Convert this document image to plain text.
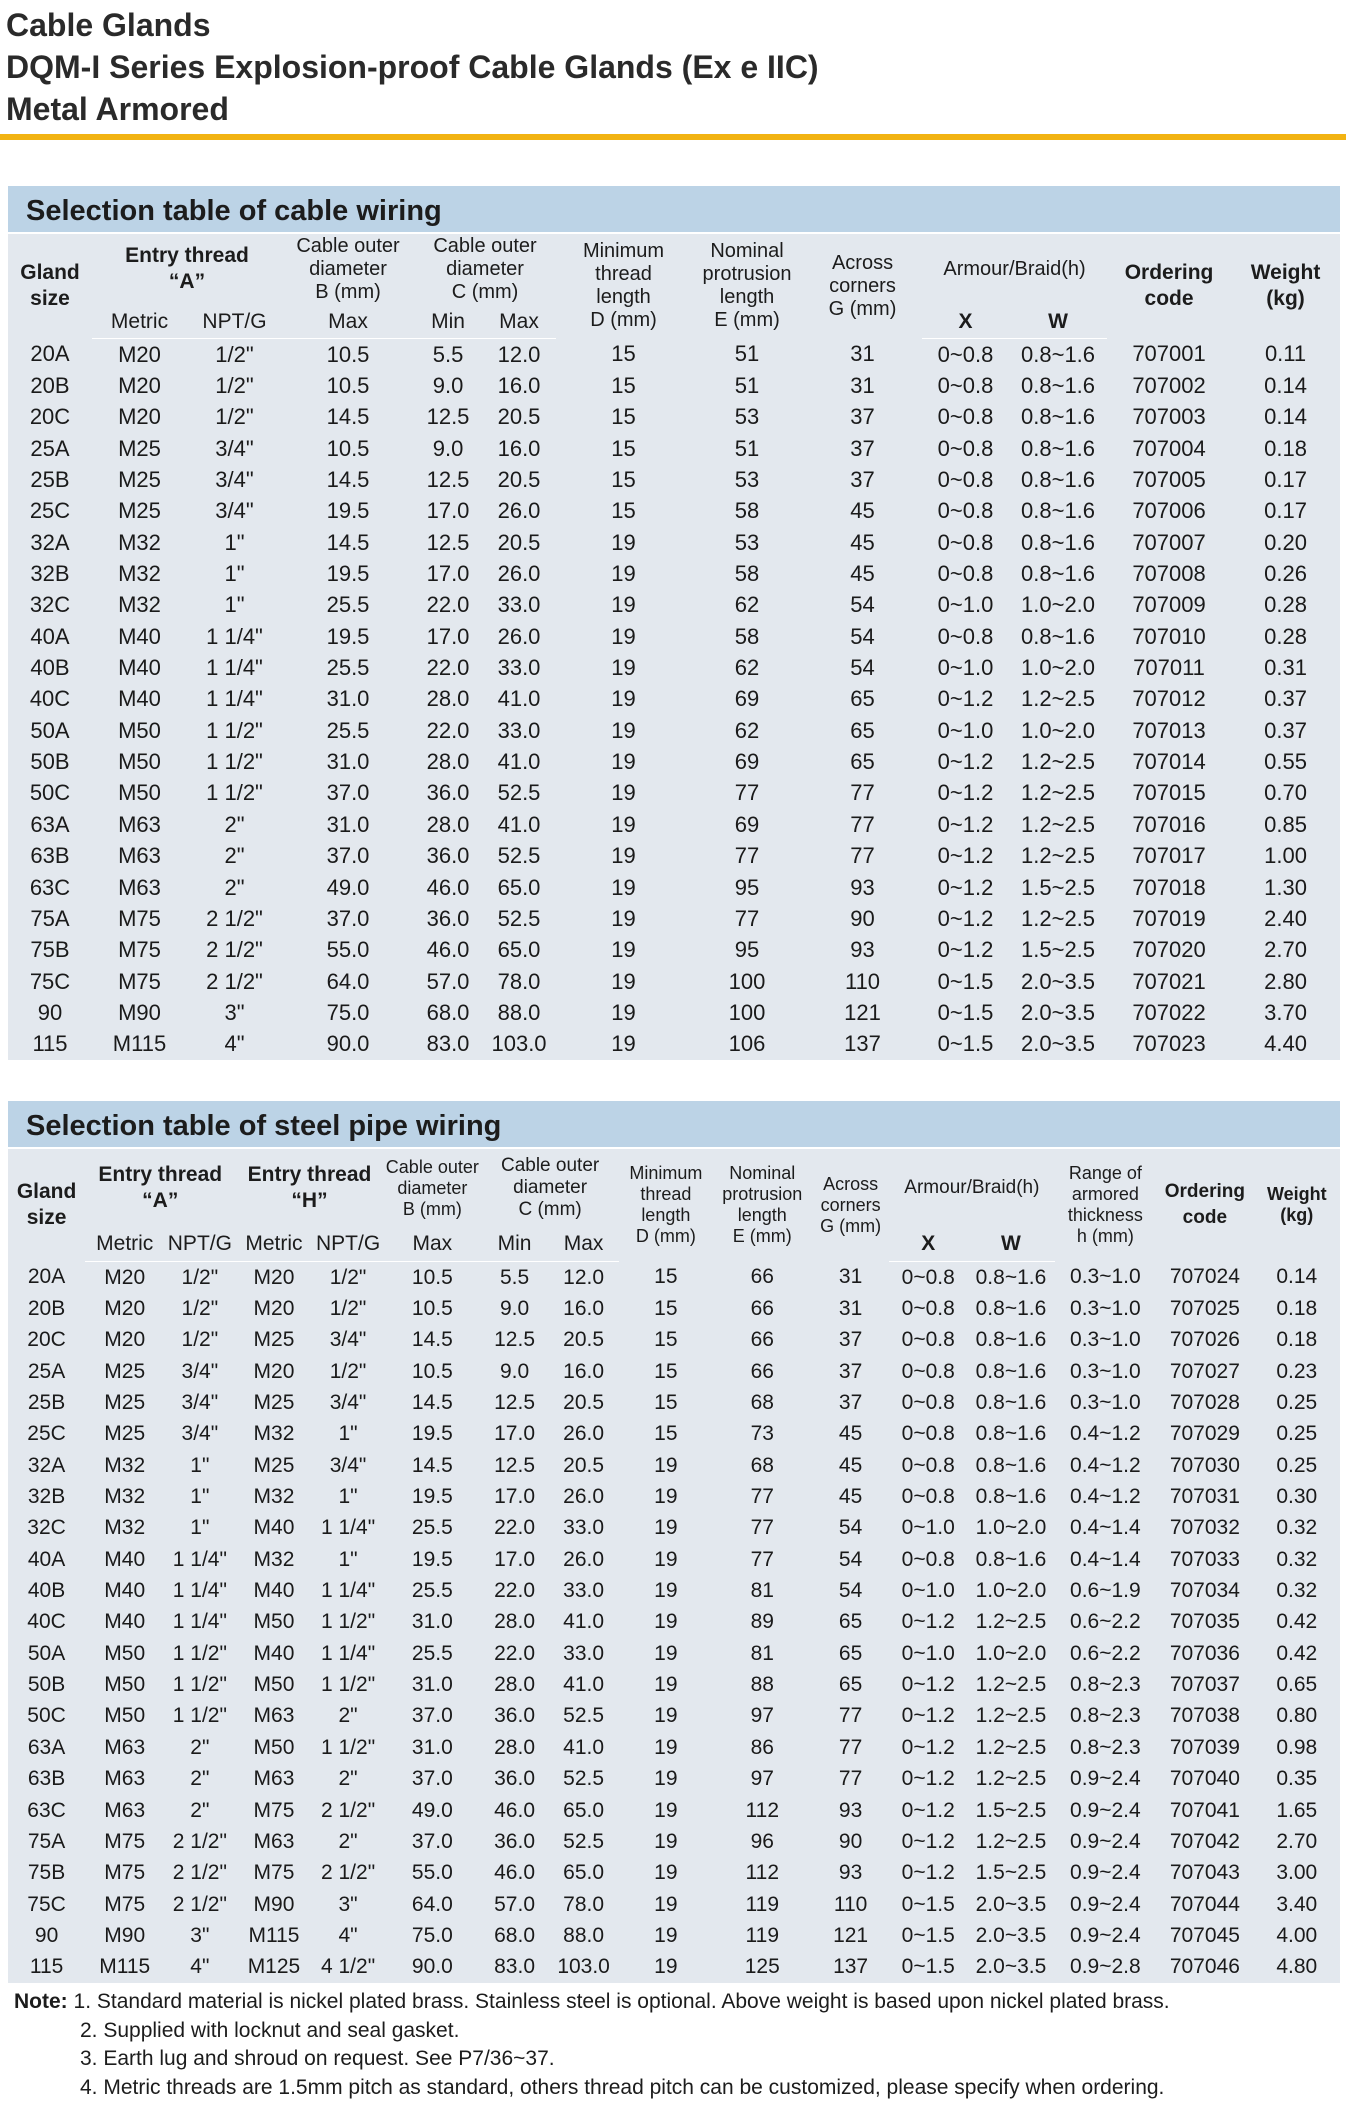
Cable Glands
DQM-I Series Explosion-proof Cable Glands (Ex e IIC)
Metal Armored
Selection table of cable wiring
Gland
size	Entry thread
“A”		Cable outer
diameter
B (mm)	Cable outer
diameter
C (mm)		Minimum
thread
length
D (mm)	Nominal
protrusion
length
E (mm)	Across
corners
G (mm)	Armour/Braid(h)		Ordering
code	Weight
(kg)
	Metric	NPT/G	Max	Min	Max				X	W		
20A	M20	1/2"	10.5	5.5	12.0	15	51	31	0~0.8	0.8~1.6	707001	0.11
20B	M20	1/2"	10.5	9.0	16.0	15	51	31	0~0.8	0.8~1.6	707002	0.14
20C	M20	1/2"	14.5	12.5	20.5	15	53	37	0~0.8	0.8~1.6	707003	0.14
25A	M25	3/4"	10.5	9.0	16.0	15	51	37	0~0.8	0.8~1.6	707004	0.18
25B	M25	3/4"	14.5	12.5	20.5	15	53	37	0~0.8	0.8~1.6	707005	0.17
25C	M25	3/4"	19.5	17.0	26.0	15	58	45	0~0.8	0.8~1.6	707006	0.17
32A	M32	1"	14.5	12.5	20.5	19	53	45	0~0.8	0.8~1.6	707007	0.20
32B	M32	1"	19.5	17.0	26.0	19	58	45	0~0.8	0.8~1.6	707008	0.26
32C	M32	1"	25.5	22.0	33.0	19	62	54	0~1.0	1.0~2.0	707009	0.28
40A	M40	1 1/4"	19.5	17.0	26.0	19	58	54	0~0.8	0.8~1.6	707010	0.28
40B	M40	1 1/4"	25.5	22.0	33.0	19	62	54	0~1.0	1.0~2.0	707011	0.31
40C	M40	1 1/4"	31.0	28.0	41.0	19	69	65	0~1.2	1.2~2.5	707012	0.37
50A	M50	1 1/2"	25.5	22.0	33.0	19	62	65	0~1.0	1.0~2.0	707013	0.37
50B	M50	1 1/2"	31.0	28.0	41.0	19	69	65	0~1.2	1.2~2.5	707014	0.55
50C	M50	1 1/2"	37.0	36.0	52.5	19	77	77	0~1.2	1.2~2.5	707015	0.70
63A	M63	2"	31.0	28.0	41.0	19	69	77	0~1.2	1.2~2.5	707016	0.85
63B	M63	2"	37.0	36.0	52.5	19	77	77	0~1.2	1.2~2.5	707017	1.00
63C	M63	2"	49.0	46.0	65.0	19	95	93	0~1.2	1.5~2.5	707018	1.30
75A	M75	2 1/2"	37.0	36.0	52.5	19	77	90	0~1.2	1.2~2.5	707019	2.40
75B	M75	2 1/2"	55.0	46.0	65.0	19	95	93	0~1.2	1.5~2.5	707020	2.70
75C	M75	2 1/2"	64.0	57.0	78.0	19	100	110	0~1.5	2.0~3.5	707021	2.80
90	M90	3"	75.0	68.0	88.0	19	100	121	0~1.5	2.0~3.5	707022	3.70
115	M115	4"	90.0	83.0	103.0	19	106	137	0~1.5	2.0~3.5	707023	4.40
Selection table of steel pipe wiring
Gland
size	Entry thread
“A”		Entry thread
“H”		Cable outer
diameter
B (mm)	Cable outer
diameter
C (mm)		Minimum
thread
length
D (mm)	Nominal
protrusion
length
E (mm)	Across
corners
G (mm)	Armour/Braid(h)		Range of
armored
thickness
h (mm)	Ordering
code	Weight
(kg)
	Metric	NPT/G	Metric	NPT/G	Max	Min	Max				X	W			
20A	M20	1/2"	M20	1/2"	10.5	5.5	12.0	15	66	31	0~0.8	0.8~1.6	0.3~1.0	707024	0.14
20B	M20	1/2"	M20	1/2"	10.5	9.0	16.0	15	66	31	0~0.8	0.8~1.6	0.3~1.0	707025	0.18
20C	M20	1/2"	M25	3/4"	14.5	12.5	20.5	15	66	37	0~0.8	0.8~1.6	0.3~1.0	707026	0.18
25A	M25	3/4"	M20	1/2"	10.5	9.0	16.0	15	66	37	0~0.8	0.8~1.6	0.3~1.0	707027	0.23
25B	M25	3/4"	M25	3/4"	14.5	12.5	20.5	15	68	37	0~0.8	0.8~1.6	0.3~1.0	707028	0.25
25C	M25	3/4"	M32	1"	19.5	17.0	26.0	15	73	45	0~0.8	0.8~1.6	0.4~1.2	707029	0.25
32A	M32	1"	M25	3/4"	14.5	12.5	20.5	19	68	45	0~0.8	0.8~1.6	0.4~1.2	707030	0.25
32B	M32	1"	M32	1"	19.5	17.0	26.0	19	77	45	0~0.8	0.8~1.6	0.4~1.2	707031	0.30
32C	M32	1"	M40	1 1/4"	25.5	22.0	33.0	19	77	54	0~1.0	1.0~2.0	0.4~1.4	707032	0.32
40A	M40	1 1/4"	M32	1"	19.5	17.0	26.0	19	77	54	0~0.8	0.8~1.6	0.4~1.4	707033	0.32
40B	M40	1 1/4"	M40	1 1/4"	25.5	22.0	33.0	19	81	54	0~1.0	1.0~2.0	0.6~1.9	707034	0.32
40C	M40	1 1/4"	M50	1 1/2"	31.0	28.0	41.0	19	89	65	0~1.2	1.2~2.5	0.6~2.2	707035	0.42
50A	M50	1 1/2"	M40	1 1/4"	25.5	22.0	33.0	19	81	65	0~1.0	1.0~2.0	0.6~2.2	707036	0.42
50B	M50	1 1/2"	M50	1 1/2"	31.0	28.0	41.0	19	88	65	0~1.2	1.2~2.5	0.8~2.3	707037	0.65
50C	M50	1 1/2"	M63	2"	37.0	36.0	52.5	19	97	77	0~1.2	1.2~2.5	0.8~2.3	707038	0.80
63A	M63	2"	M50	1 1/2"	31.0	28.0	41.0	19	86	77	0~1.2	1.2~2.5	0.8~2.3	707039	0.98
63B	M63	2"	M63	2"	37.0	36.0	52.5	19	97	77	0~1.2	1.2~2.5	0.9~2.4	707040	0.35
63C	M63	2"	M75	2 1/2"	49.0	46.0	65.0	19	112	93	0~1.2	1.5~2.5	0.9~2.4	707041	1.65
75A	M75	2 1/2"	M63	2"	37.0	36.0	52.5	19	96	90	0~1.2	1.2~2.5	0.9~2.4	707042	2.70
75B	M75	2 1/2"	M75	2 1/2"	55.0	46.0	65.0	19	112	93	0~1.2	1.5~2.5	0.9~2.4	707043	3.00
75C	M75	2 1/2"	M90	3"	64.0	57.0	78.0	19	119	110	0~1.5	2.0~3.5	0.9~2.4	707044	3.40
90	M90	3"	M115	4"	75.0	68.0	88.0	19	119	121	0~1.5	2.0~3.5	0.9~2.4	707045	4.00
115	M115	4"	M125	4 1/2"	90.0	83.0	103.0	19	125	137	0~1.5	2.0~3.5	0.9~2.8	707046	4.80
Note: 1. Standard material is nickel plated brass. Stainless steel is optional. Above weight is based upon nickel plated brass.
2. Supplied with locknut and seal gasket.
3. Earth lug and shroud on request. See P7/36~37.
4. Metric threads are 1.5mm pitch as standard, others thread pitch can be customized, please specify when ordering.
